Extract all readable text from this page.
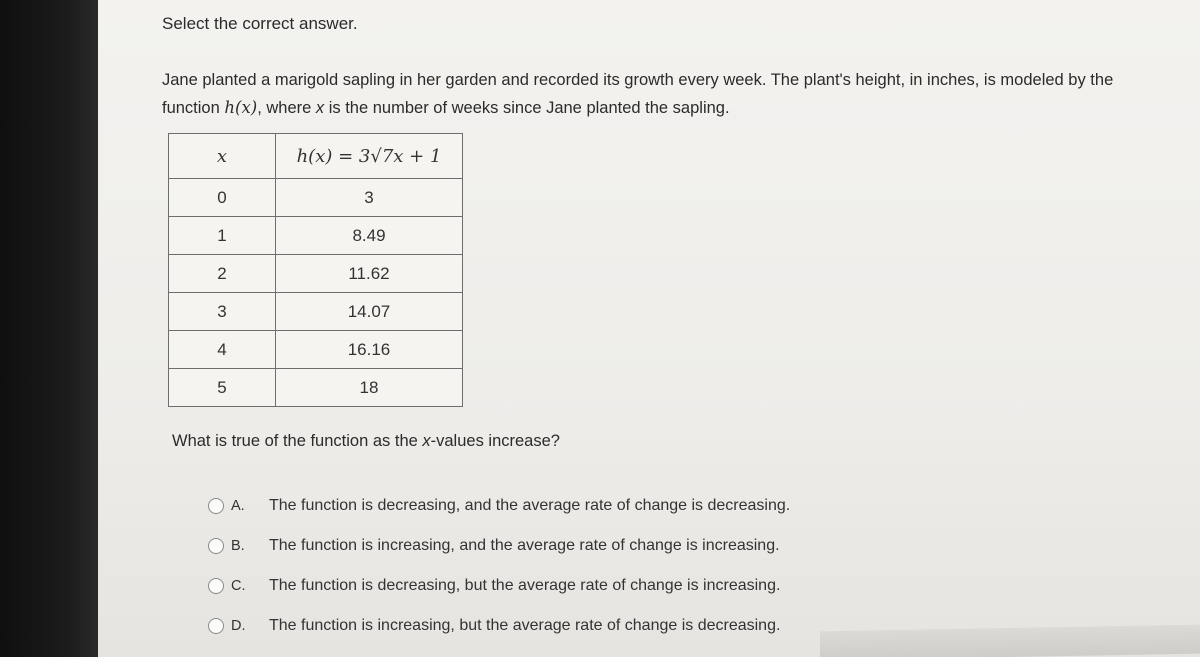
Select the correct answer.
Jane planted a marigold sapling in her garden and recorded its growth every week. The plant's height, in inches, is modeled by the function h(x), where x is the number of weeks since Jane planted the sapling.
x	h(x) = 3√7x + 1
0	3
1	8.49
2	11.62
3	14.07
4	16.16
5	18
What is true of the function as the x-values increase?
A.	The function is decreasing, and the average rate of change is decreasing.
B.	The function is increasing, and the average rate of change is increasing.
C.	The function is decreasing, but the average rate of change is increasing.
D.	The function is increasing, but the average rate of change is decreasing.
